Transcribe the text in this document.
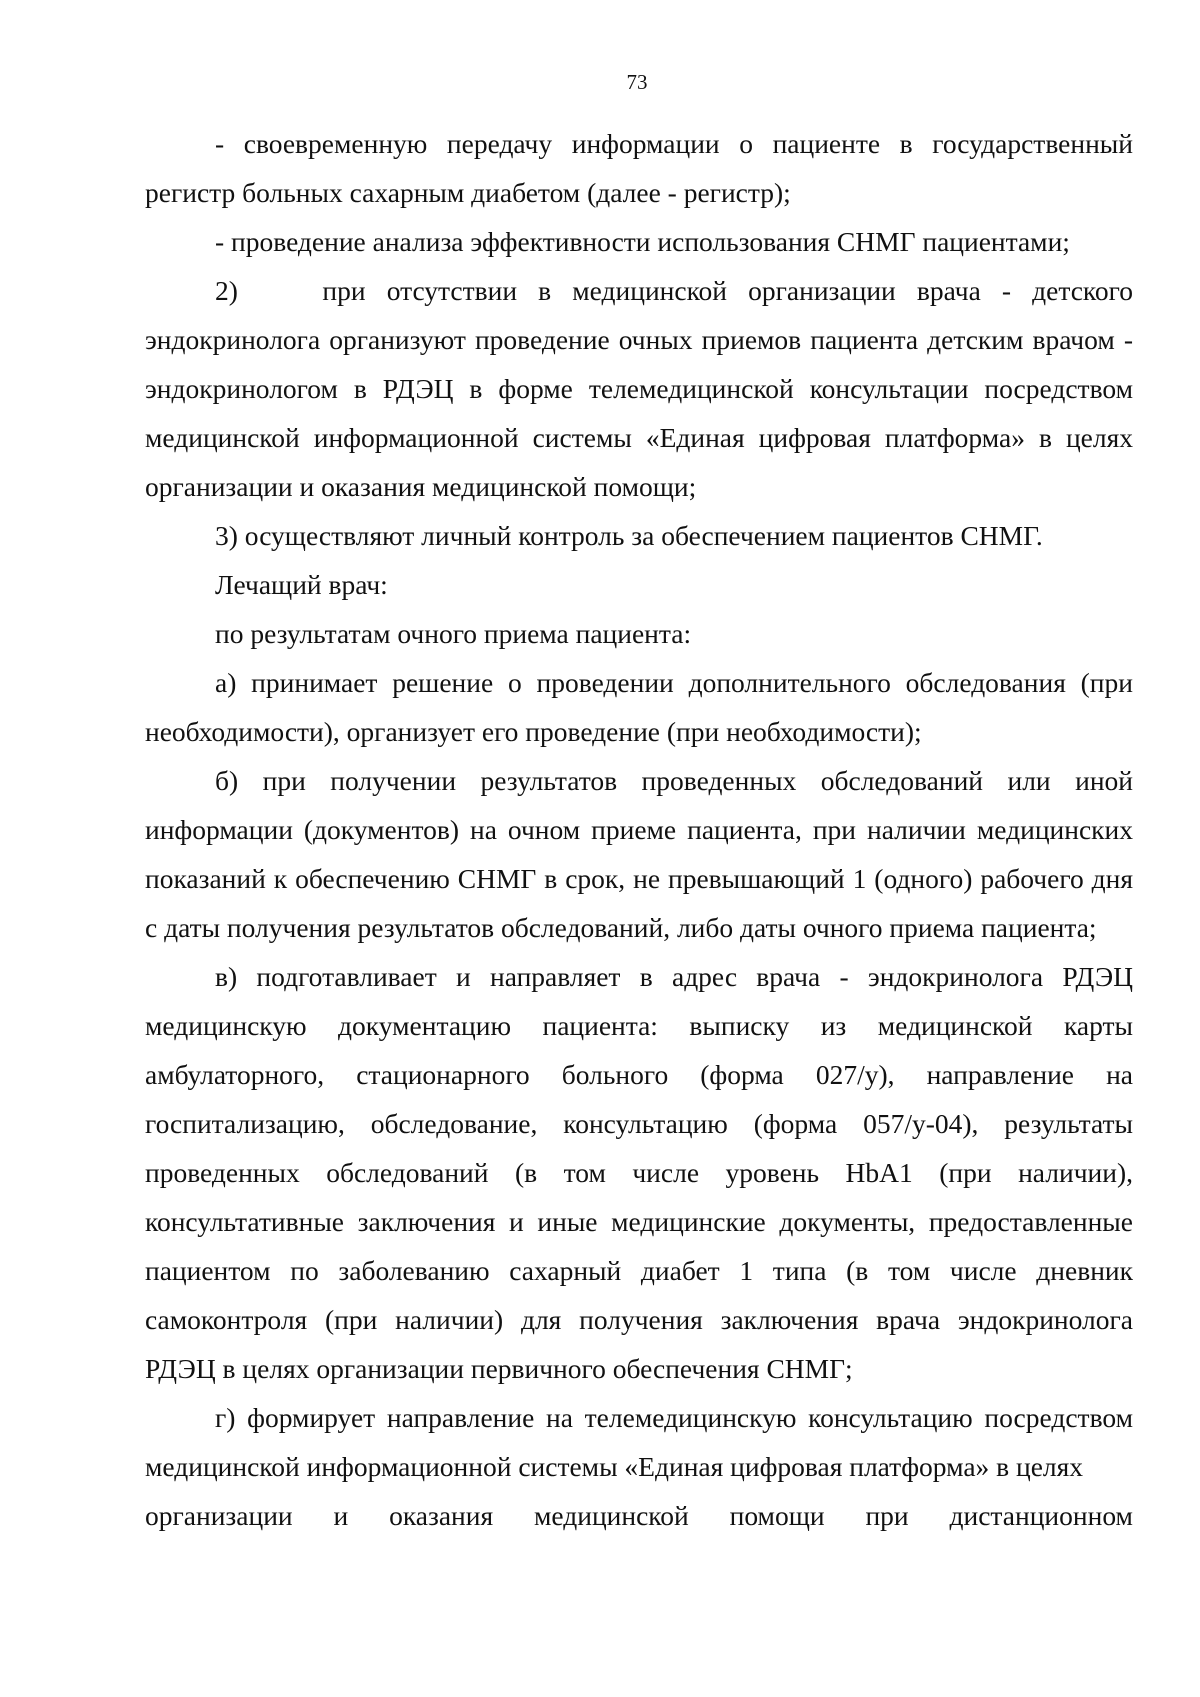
73

- своевременную передачу информации о пациенте в государственный регистр больных сахарным диабетом (далее - регистр);

- проведение анализа эффективности использования СНМГ пациентами;

2)    при отсутствии в медицинской организации врача - детского эндокринолога организуют проведение очных приемов пациента детским врачом - эндокринологом в РДЭЦ в форме телемедицинской консультации посредством медицинской информационной системы «Единая цифровая платформа» в целях организации и оказания медицинской помощи;

3) осуществляют личный контроль за обеспечением пациентов СНМГ.

Лечащий врач:

по результатам очного приема пациента:

а) принимает решение о проведении дополнительного обследования (при необходимости), организует его проведение (при необходимости);

б) при получении результатов проведенных обследований или иной информации (документов) на очном приеме пациента, при наличии медицинских показаний к обеспечению СНМГ в срок, не превышающий 1 (одного) рабочего дня с даты получения результатов обследований, либо даты очного приема пациента;

в) подготавливает и направляет в адрес врача - эндокринолога РДЭЦ медицинскую документацию пациента: выписку из медицинской карты амбулаторного, стационарного больного (форма 027/у), направление на госпитализацию, обследование, консультацию (форма 057/у-04), результаты проведенных обследований (в том числе уровень HbA1 (при наличии), консультативные заключения и иные медицинские документы, предоставленные пациентом по заболеванию сахарный диабет 1 типа (в том числе дневник самоконтроля (при наличии) для получения заключения врача эндокринолога РДЭЦ в целях организации первичного обеспечения СНМГ;

г) формирует направление на телемедицинскую консультацию посредством медицинской информационной системы «Единая цифровая платформа» в целях

организации и оказания медицинской помощи при дистанционном
